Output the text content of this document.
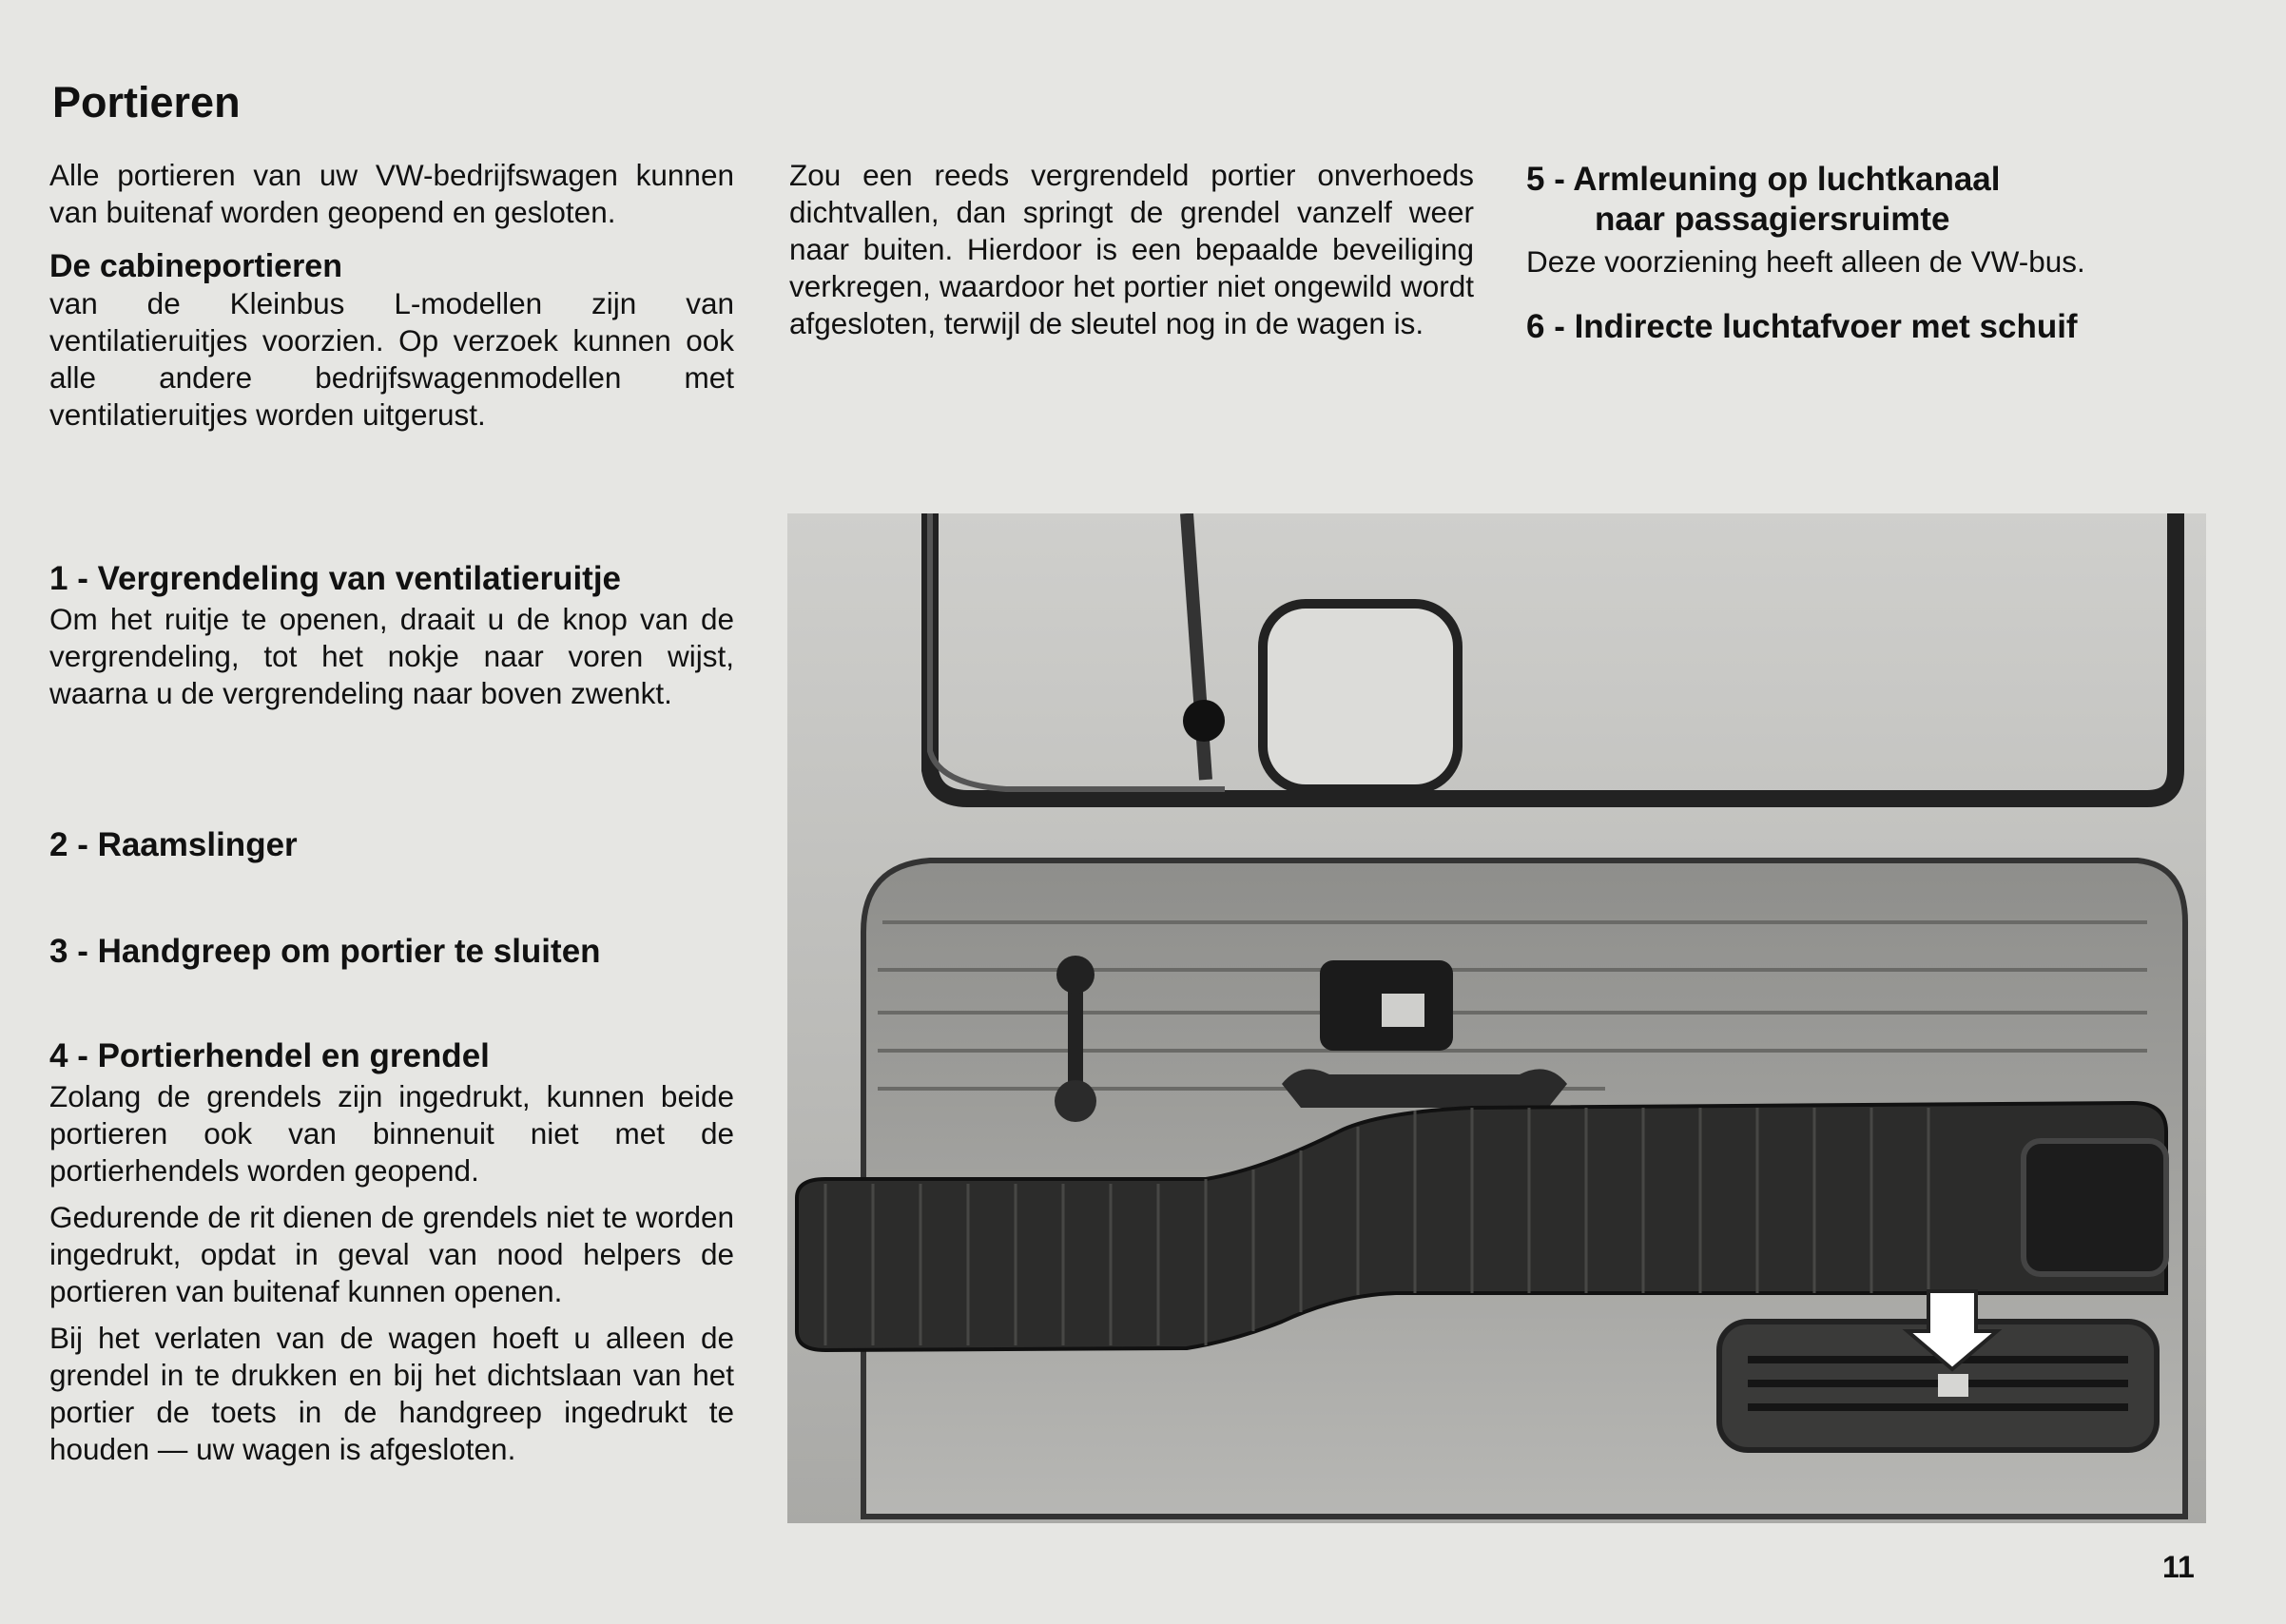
Portieren

Alle portieren van uw VW-bedrijfswagen kunnen van buitenaf worden geopend en gesloten.

De cabineportieren

van de Kleinbus L-modellen zijn van ventilatieruitjes voorzien. Op verzoek kunnen ook alle andere bedrijfswagenmodellen met ventilatieruitjes worden uitgerust.

Zou een reeds vergrendeld portier onverhoeds dichtvallen, dan springt de grendel vanzelf weer naar buiten. Hierdoor is een bepaalde beveiliging verkregen, waardoor het portier niet ongewild wordt afgesloten, terwijl de sleutel nog in de wagen is.

5 - Armleuning op luchtkanaal
naar passagiersruimte

Deze voorziening heeft alleen de VW-bus.

6 - Indirecte luchtafvoer met schuif
1 - Vergrendeling van ventilatieruitje

Om het ruitje te openen, draait u de knop van de vergrendeling, tot het nokje naar voren wijst, waarna u de vergrendeling naar boven zwenkt.

2 - Raamslinger
3 - Handgreep om portier te sluiten
4 - Portierhendel en grendel

Zolang de grendels zijn ingedrukt, kunnen beide portieren ook van binnenuit niet met de portierhendels worden geopend.

Gedurende de rit dienen de grendels niet te worden ingedrukt, opdat in geval van nood helpers de portieren van buitenaf kunnen openen.

Bij het verlaten van de wagen hoeft u alleen de grendel in te drukken en bij het dichtslaan van het portier de toets in de handgreep ingedrukt te houden — uw wagen is afgesloten.

11
